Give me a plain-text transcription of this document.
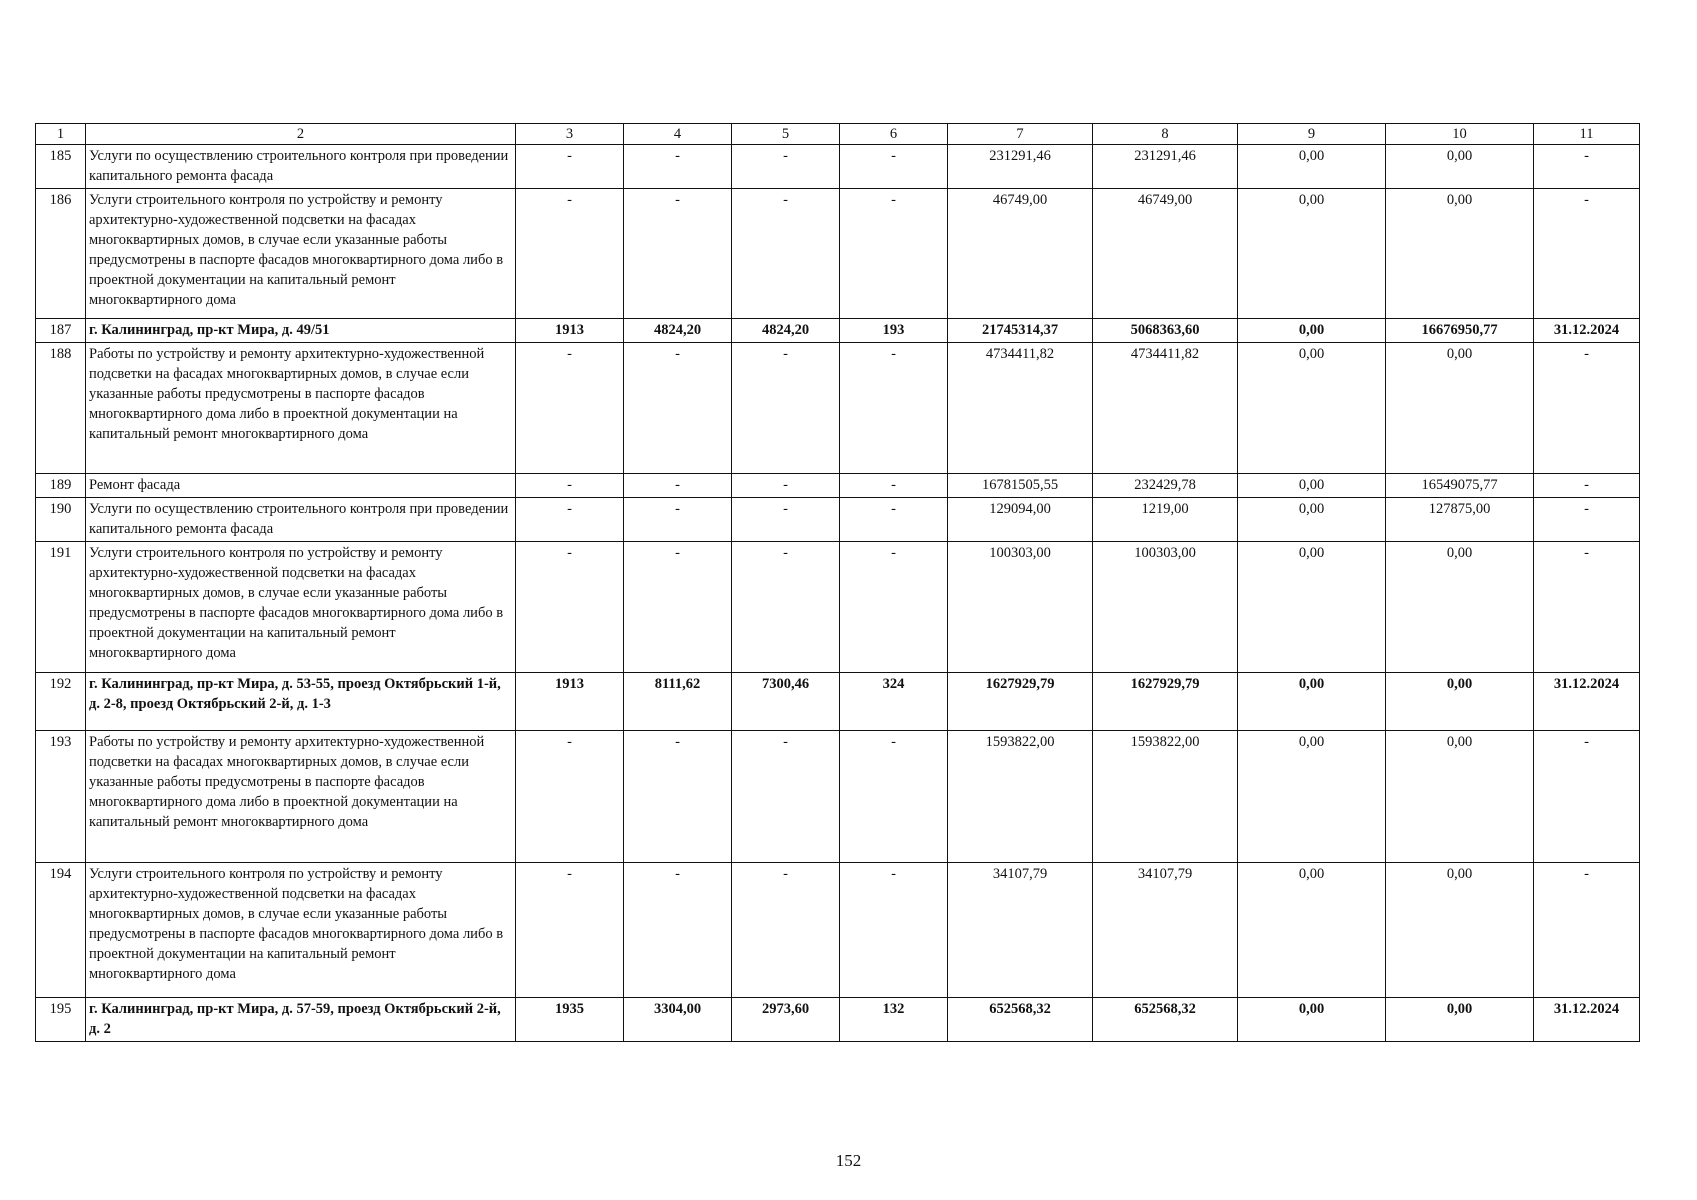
1	2	3	4	5	6	7	8	9	10	11
185	Услуги по осуществлению строительного контроля при проведении капитального ремонта фасада	-	-	-	-	231291,46	231291,46	0,00	0,00	-
186	Услуги строительного контроля по устройству и ремонту архитектурно-художественной подсветки на фасадах многоквартирных домов, в случае если указанные работы предусмотрены в паспорте фасадов многоквартирного дома либо в проектной документации на капитальный ремонт многоквартирного дома	-	-	-	-	46749,00	46749,00	0,00	0,00	-
187	г. Калининград, пр-кт Мира, д. 49/51	1913	4824,20	4824,20	193	21745314,37	5068363,60	0,00	16676950,77	31.12.2024
188	Работы по устройству и ремонту архитектурно-художественной подсветки на фасадах многоквартирных домов, в случае если указанные работы предусмотрены в паспорте фасадов многоквартирного дома либо в проектной документации на капитальный ремонт многоквартирного дома	-	-	-	-	4734411,82	4734411,82	0,00	0,00	-
189	Ремонт фасада	-	-	-	-	16781505,55	232429,78	0,00	16549075,77	-
190	Услуги по осуществлению строительного контроля при проведении капитального ремонта фасада	-	-	-	-	129094,00	1219,00	0,00	127875,00	-
191	Услуги строительного контроля по устройству и ремонту архитектурно-художественной подсветки на фасадах многоквартирных домов, в случае если указанные работы предусмотрены в паспорте фасадов многоквартирного дома либо в проектной документации на капитальный ремонт многоквартирного дома	-	-	-	-	100303,00	100303,00	0,00	0,00	-
192	г. Калининград, пр-кт Мира, д. 53-55, проезд Октябрьский 1-й, д. 2-8, проезд Октябрьский 2-й, д. 1-3	1913	8111,62	7300,46	324	1627929,79	1627929,79	0,00	0,00	31.12.2024
193	Работы по устройству и ремонту архитектурно-художественной подсветки на фасадах многоквартирных домов, в случае если указанные работы предусмотрены в паспорте фасадов многоквартирного дома либо в проектной документации на капитальный ремонт многоквартирного дома	-	-	-	-	1593822,00	1593822,00	0,00	0,00	-
194	Услуги строительного контроля по устройству и ремонту архитектурно-художественной подсветки на фасадах многоквартирных домов, в случае если указанные работы предусмотрены в паспорте фасадов многоквартирного дома либо в проектной документации на капитальный ремонт многоквартирного дома	-	-	-	-	34107,79	34107,79	0,00	0,00	-
195	г. Калининград, пр-кт Мира, д. 57-59, проезд Октябрьский 2-й, д. 2	1935	3304,00	2973,60	132	652568,32	652568,32	0,00	0,00	31.12.2024
152
